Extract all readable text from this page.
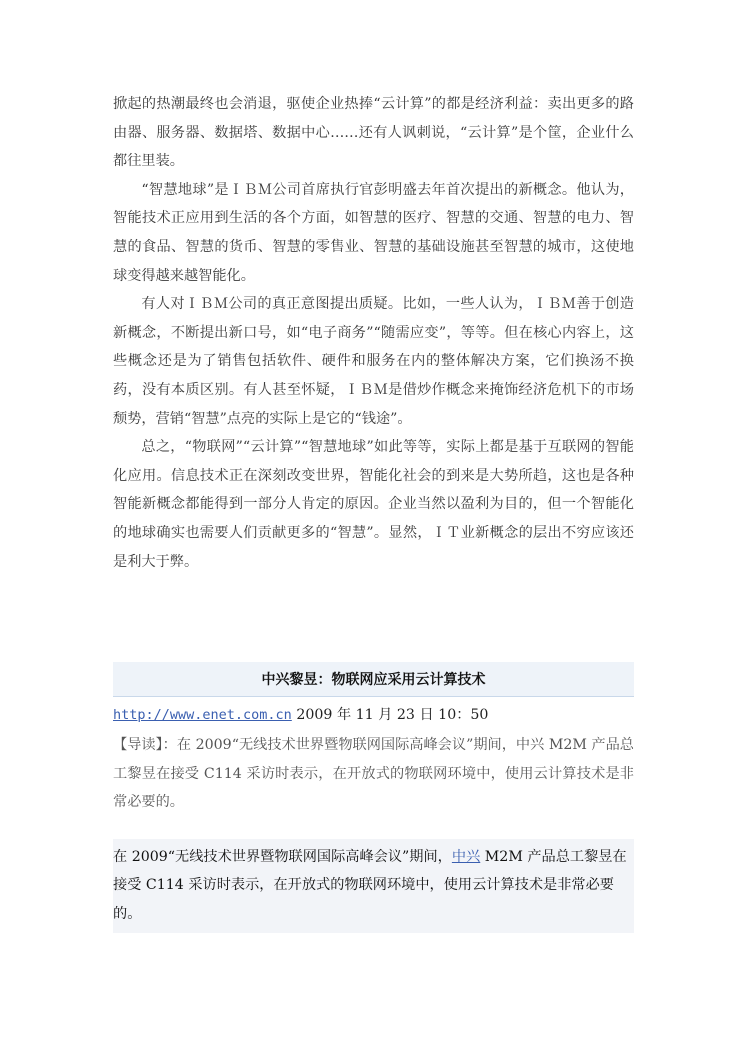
掀起的热潮最终也会消退，驱使企业热捧“云计算”的都是经济利益：卖出更多的路由器、服务器、数据塔、数据中心……还有人讽刺说，“云计算”是个筐，企业什么都往里装。

“智慧地球”是ＩＢＭ公司首席执行官彭明盛去年首次提出的新概念。他认为，智能技术正应用到生活的各个方面，如智慧的医疗、智慧的交通、智慧的电力、智慧的食品、智慧的货币、智慧的零售业、智慧的基础设施甚至智慧的城市，这使地球变得越来越智能化。

有人对ＩＢＭ公司的真正意图提出质疑。比如，一些人认为，ＩＢＭ善于创造新概念，不断提出新口号，如“电子商务”“随需应变”，等等。但在核心内容上，这些概念还是为了销售包括软件、硬件和服务在内的整体解决方案，它们换汤不换药，没有本质区别。有人甚至怀疑，ＩＢＭ是借炒作概念来掩饰经济危机下的市场颓势，营销“智慧”点亮的实际上是它的“钱途”。

总之，“物联网”“云计算”“智慧地球”如此等等，实际上都是基于互联网的智能化应用。信息技术正在深刻改变世界，智能化社会的到来是大势所趋，这也是各种智能新概念都能得到一部分人肯定的原因。企业当然以盈利为目的，但一个智能化的地球确实也需要人们贡献更多的“智慧”。显然，ＩＴ业新概念的层出不穷应该还是利大于弊。

中兴黎昱：物联网应采用云计算技术
http://www.enet.com.cn 2009 年 11 月 23 日 10：50

【导读】：在 2009“无线技术世界暨物联网国际高峰会议”期间，中兴 M2M 产品总工黎昱在接受 C114 采访时表示，在开放式的物联网环境中，使用云计算技术是非常必要的。

在 2009“无线技术世界暨物联网国际高峰会议”期间，中兴 M2M 产品总工黎昱在接受 C114 采访时表示，在开放式的物联网环境中，使用云计算技术是非常必要的。
